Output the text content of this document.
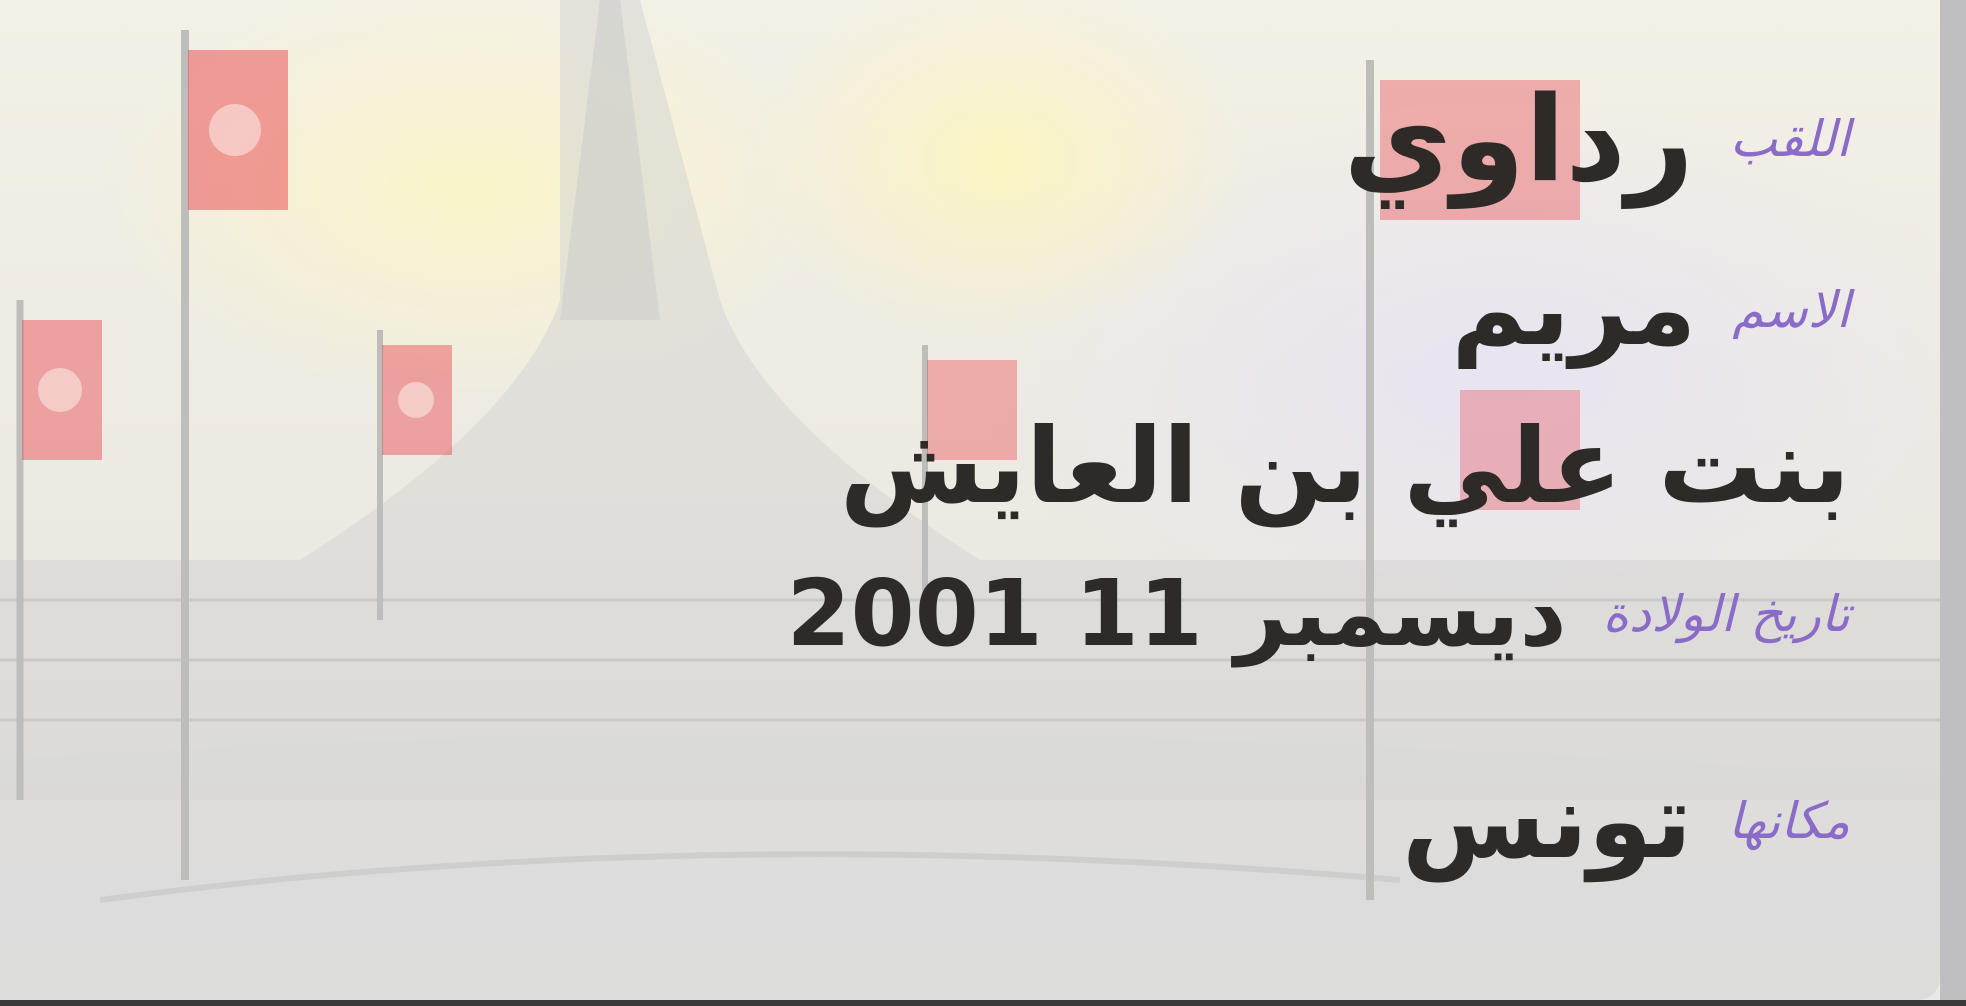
اللقب
رداوي
الاسم
مريم
بنت علي بن العايش
تاريخ الولادة
2001 دیسمبر 11
مكانها
تونس
